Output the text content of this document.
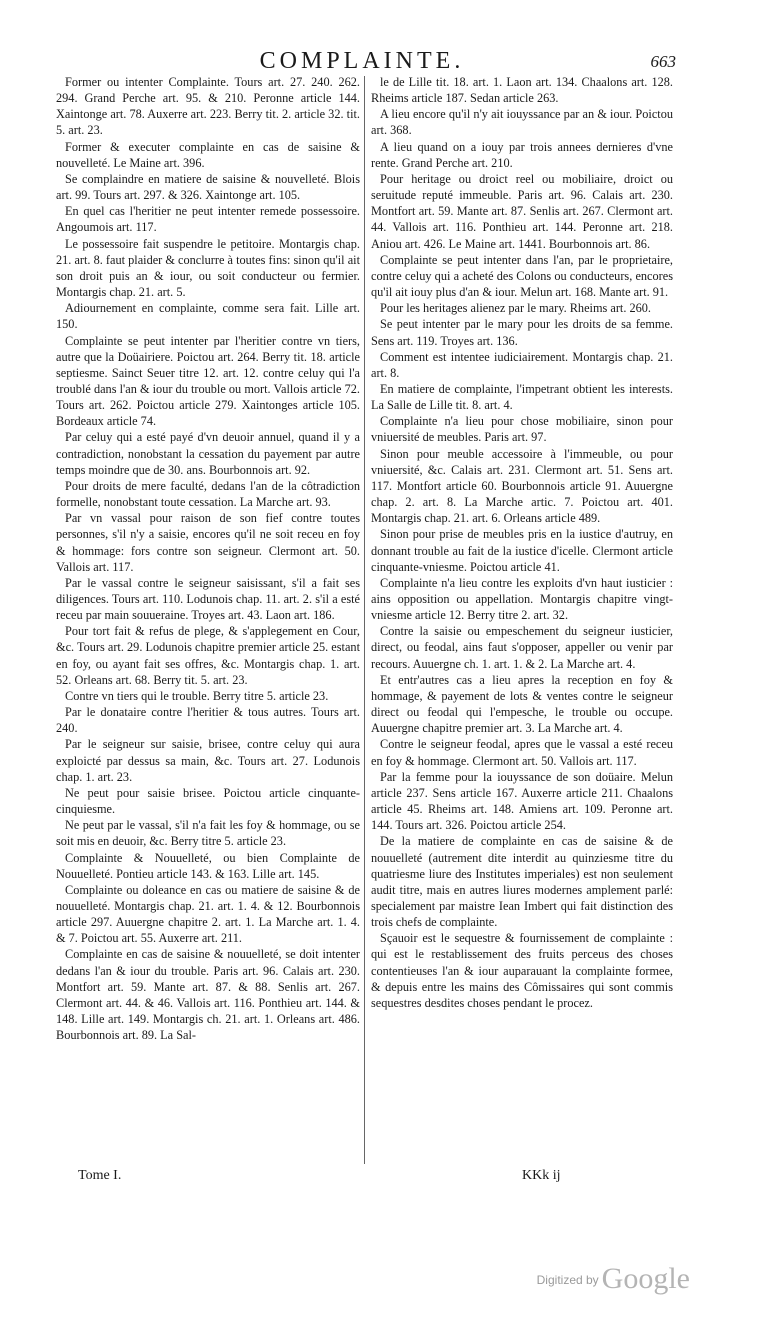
COMPLAINTE.	663

Former ou intenter Complainte. Tours art. 27. 240. 262. 294. Grand Perche art. 95. & 210. Peronne article 144. Xaintonge art. 78. Auxerre art. 223. Berry tit. 2. article 32. tit. 5. art. 23.

Former & executer complainte en cas de saisine & nouvelleté. Le Maine art. 396.

Se complaindre en matiere de saisine & nouvelleté. Blois art. 99. Tours art. 297. & 326. Xaintonge art. 105.

En quel cas l'heritier ne peut intenter remede possessoire. Angoumois art. 117.

Le possessoire fait suspendre le petitoire. Montargis chap. 21. art. 8. faut plaider & conclurre à toutes fins: sinon qu'il ait son droit puis an & iour, ou soit conducteur ou fermier. Montargis chap. 21. art. 5.

Adiournement en complainte, comme sera fait. Lille art. 150.

Complainte se peut intenter par l'heritier contre vn tiers, autre que la Doüairiere. Poictou art. 264. Berry tit. 18. article septiesme. Sainct Seuer titre 12. art. 12. contre celuy qui l'a troublé dans l'an & iour du trouble ou mort. Vallois article 72. Tours art. 262. Poictou article 279. Xaintonges article 105. Bordeaux article 74.

Par celuy qui a esté payé d'vn deuoir annuel, quand il y a contradiction, nonobstant la cessation du payement par autre temps moindre que de 30. ans. Bourbonnois art. 92.

Pour droits de mere faculté, dedans l'an de la côtradiction formelle, nonobstant toute cessation. La Marche art. 93.

Par vn vassal pour raison de son fief contre toutes personnes, s'il n'y a saisie, encores qu'il ne soit receu en foy & hommage: fors contre son seigneur. Clermont art. 50. Vallois art. 117.

Par le vassal contre le seigneur saisissant, s'il a fait ses diligences. Tours art. 110. Lodunois chap. 11. art. 2. s'il a esté receu par main souueraine. Troyes art. 43. Laon art. 186.

Pour tort fait & refus de plege, & s'applegement en Cour, &c. Tours art. 29. Lodunois chapitre premier article 25. estant en foy, ou ayant fait ses offres, &c. Montargis chap. 1. art. 52. Orleans art. 68. Berry tit. 5. art. 23.

Contre vn tiers qui le trouble. Berry titre 5. article 23.

Par le donataire contre l'heritier & tous autres. Tours art. 240.

Par le seigneur sur saisie, brisee, contre celuy qui aura exploicté par dessus sa main, &c. Tours art. 27. Lodunois chap. 1. art. 23.

Ne peut pour saisie brisee. Poictou article cinquante-cinquiesme.

Ne peut par le vassal, s'il n'a fait les foy & hommage, ou se soit mis en deuoir, &c. Berry titre 5. article 23.

Complainte & Nouuelleté, ou bien Complainte de Nouuelleté. Pontieu article 143. & 163. Lille art. 145.

Complainte ou doleance en cas ou matiere de saisine & de nouuelleté. Montargis chap. 21. art. 1. 4. & 12. Bourbonnois article 297. Auuergne chapitre 2. art. 1. La Marche art. 1. 4. & 7. Poictou art. 55. Auxerre art. 211.

Complainte en cas de saisine & nouuelleté, se doit intenter dedans l'an & iour du trouble. Paris art. 96. Calais art. 230. Montfort art. 59. Mante art. 87. & 88. Senlis art. 267. Clermont art. 44. & 46. Vallois art. 116. Ponthieu art. 144. & 148. Lille art. 149. Montargis ch. 21. art. 1. Orleans art. 486. Bourbonnois art. 89. La Sal-

le de Lille tit. 18. art. 1. Laon art. 134. Chaalons art. 128. Rheims article 187. Sedan article 263.

A lieu encore qu'il n'y ait iouyssance par an & iour. Poictou art. 368.

A lieu quand on a iouy par trois annees dernieres d'vne rente. Grand Perche art. 210.

Pour heritage ou droict reel ou mobiliaire, droict ou seruitude reputé immeuble. Paris art. 96. Calais art. 230. Montfort art. 59. Mante art. 87. Senlis art. 267. Clermont art. 44. Vallois art. 116. Ponthieu art. 144. Peronne art. 218. Aniou art. 426. Le Maine art. 1441. Bourbonnois art. 86.

Complainte se peut intenter dans l'an, par le proprietaire, contre celuy qui a acheté des Colons ou conducteurs, encores qu'il ait iouy plus d'an & iour. Melun art. 168. Mante art. 91.

Pour les heritages alienez par le mary. Rheims art. 260.

Se peut intenter par le mary pour les droits de sa femme. Sens art. 119. Troyes art. 136.

Comment est intentee iudiciairement. Montargis chap. 21. art. 8.

En matiere de complainte, l'impetrant obtient les interests. La Salle de Lille tit. 8. art. 4.

Complainte n'a lieu pour chose mobiliaire, sinon pour vniuersité de meubles. Paris art. 97.

Sinon pour meuble accessoire à l'immeuble, ou pour vniuersité, &c. Calais art. 231. Clermont art. 51. Sens art. 117. Montfort article 60. Bourbonnois article 91. Auuergne chap. 2. art. 8. La Marche artic. 7. Poictou art. 401. Montargis chap. 21. art. 6. Orleans article 489.

Sinon pour prise de meubles pris en la iustice d'autruy, en donnant trouble au fait de la iustice d'icelle. Clermont article cinquante-vniesme. Poictou article 41.

Complainte n'a lieu contre les exploits d'vn haut iusticier : ains opposition ou appellation. Montargis chapitre vingt-vniesme article 12. Berry titre 2. art. 32.

Contre la saisie ou empeschement du seigneur iusticier, direct, ou feodal, ains faut s'opposer, appeller ou venir par recours. Auuergne ch. 1. art. 1. & 2. La Marche art. 4.

Et entr'autres cas a lieu apres la reception en foy & hommage, & payement de lots & ventes contre le seigneur direct ou feodal qui l'empesche, le trouble ou occupe. Auuergne chapitre premier art. 3. La Marche art. 4.

Contre le seigneur feodal, apres que le vassal a esté receu en foy & hommage. Clermont art. 50. Vallois art. 117.

Par la femme pour la iouyssance de son doüaire. Melun article 237. Sens article 167. Auxerre article 211. Chaalons article 45. Rheims art. 148. Amiens art. 109. Peronne art. 144. Tours art. 326. Poictou article 254.

De la matiere de complainte en cas de saisine & de nouuelleté (autrement dite interdit au quinziesme titre du quatriesme liure des Institutes imperiales) est non seulement audit titre, mais en autres liures modernes amplement parlé: specialement par maistre Iean Imbert qui fait distinction des trois chefs de complainte.

Sçauoir est le sequestre & fournissement de complainte : qui est le restablissement des fruits perceus des choses contentieuses l'an & iour auparauant la complainte formee, & depuis entre les mains des Cômissaires qui sont commis sequestres desdites choses pendant le procez.

Tome I.	KKk ij
$^{Digitized by}$ Google
